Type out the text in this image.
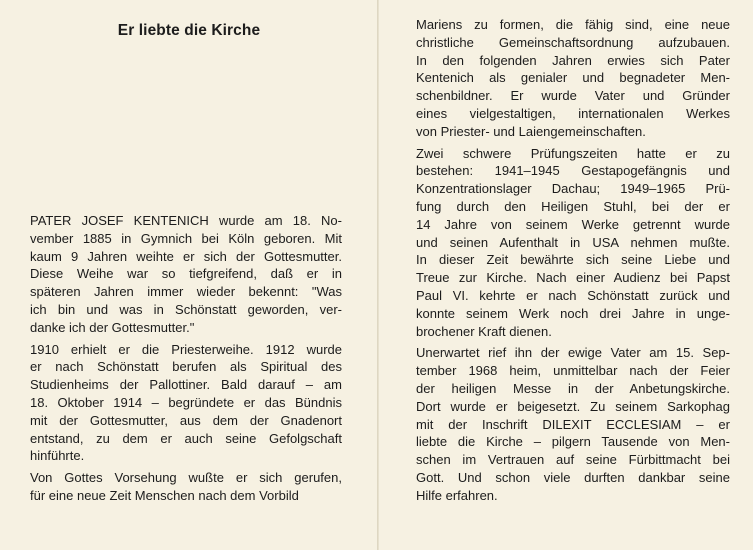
Er liebte die Kirche
PATER JOSEF KENTENICH wurde am 18. No-
vember 1885 in Gymnich bei Köln geboren. Mit
kaum 9 Jahren weihte er sich der Gottesmutter.
Diese Weihe war so tiefgreifend, daß er in
späteren Jahren immer wieder bekennt: "Was
ich bin und was in Schönstatt geworden, ver-
danke ich der Gottesmutter."
1910 erhielt er die Priesterweihe. 1912 wurde
er nach Schönstatt berufen als Spiritual des
Studienheims der Pallottiner. Bald darauf – am
18. Oktober 1914 – begründete er das Bündnis
mit der Gottesmutter, aus dem der Gnadenort
entstand, zu dem er auch seine Gefolgschaft
hinführte.
Von Gottes Vorsehung wußte er sich gerufen,
für eine neue Zeit Menschen nach dem Vorbild
Mariens zu formen, die fähig sind, eine neue
christliche Gemeinschaftsordnung aufzubauen.
In den folgenden Jahren erwies sich Pater
Kentenich als genialer und begnadeter Men-
schenbildner. Er wurde Vater und Gründer
eines vielgestaltigen, internationalen Werkes
von Priester- und Laiengemeinschaften.
Zwei schwere Prüfungszeiten hatte er zu
bestehen: 1941–1945 Gestapogefängnis und
Konzentrationslager Dachau; 1949–1965 Prü-
fung durch den Heiligen Stuhl, bei der er
14 Jahre von seinem Werke getrennt wurde
und seinen Aufenthalt in USA nehmen mußte.
In dieser Zeit bewährte sich seine Liebe und
Treue zur Kirche. Nach einer Audienz bei Papst
Paul VI. kehrte er nach Schönstatt zurück und
konnte seinem Werk noch drei Jahre in unge-
brochener Kraft dienen.
Unerwartet rief ihn der ewige Vater am 15. Sep-
tember 1968 heim, unmittelbar nach der Feier
der heiligen Messe in der Anbetungskirche.
Dort wurde er beigesetzt. Zu seinem Sarkophag
mit der Inschrift DILEXIT ECCLESIAM – er
liebte die Kirche – pilgern Tausende von Men-
schen im Vertrauen auf seine Fürbittmacht bei
Gott. Und schon viele durften dankbar seine
Hilfe erfahren.
